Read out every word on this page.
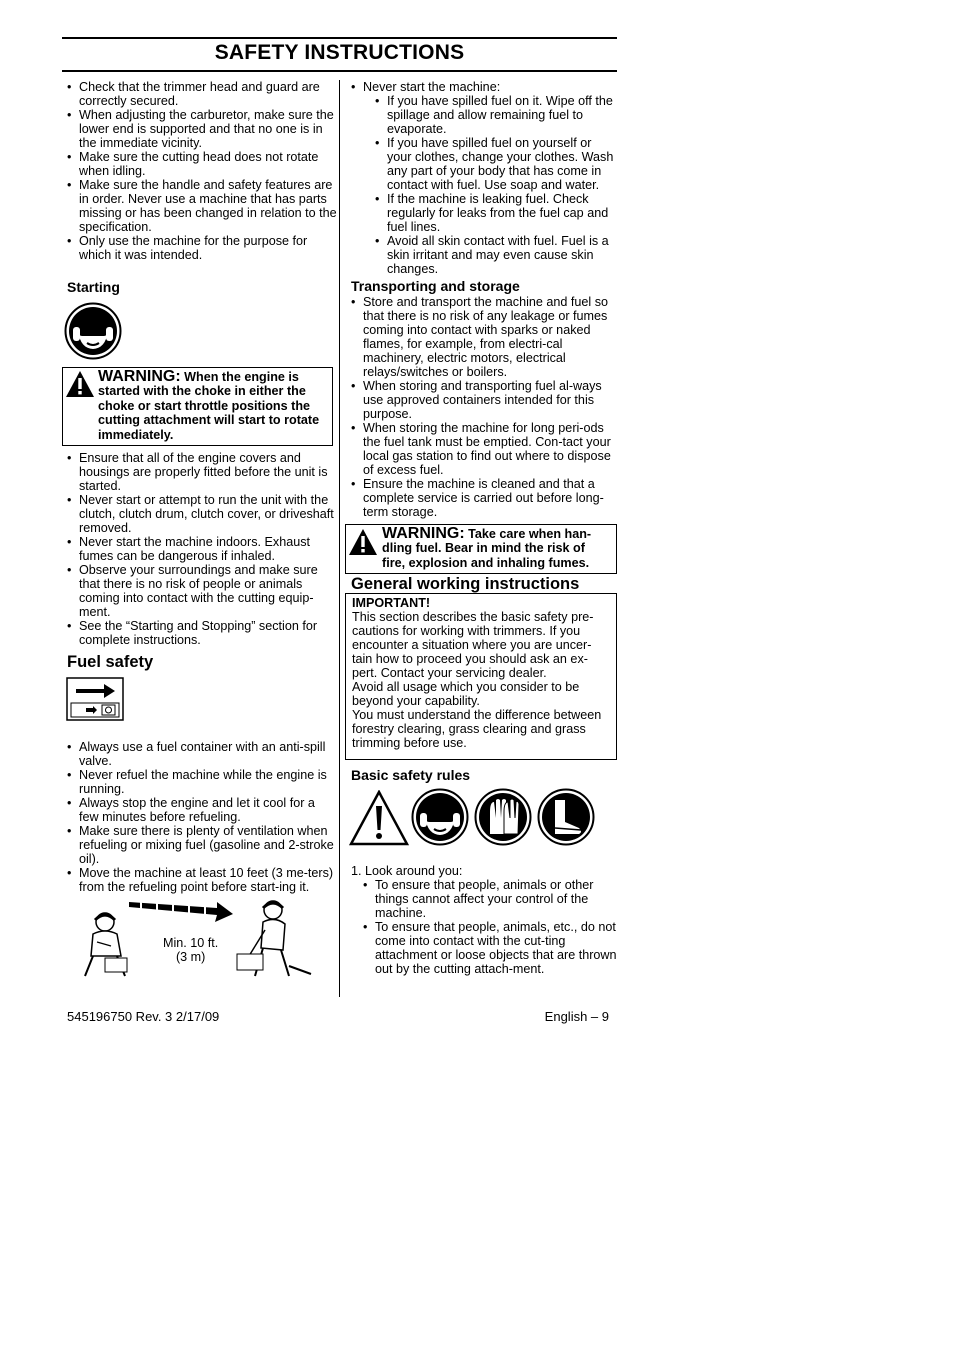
SAFETY INSTRUCTIONS
• Check that the trimmer head and guard are correctly secured.
• When adjusting the carburetor, make sure the lower end is supported and that no one is in the immediate vicinity.
• Make sure the cutting head does not rotate when idling.
• Make sure the handle and safety features are in order. Never use a machine that has parts missing or has been changed in relation to the specification.
• Only use the machine for the purpose for which it was intended.
Starting
WARNING: When the engine is started with the choke in either the choke or start throttle positions the cutting attachment will start to rotate immediately.
• Ensure that all of the engine covers and housings are properly fitted before the unit is started.
• Never start or attempt to run the unit with the clutch, clutch drum, clutch cover, or driveshaft removed.
• Never start the machine indoors. Exhaust fumes can be dangerous if inhaled.
• Observe your surroundings and make sure that there is no risk of people or animals coming into contact with the cutting equip-ment.
• See the “Starting and Stopping” section for complete instructions.
Fuel safety
• Always use a fuel container with an anti-spill valve.
• Never refuel the machine while the engine is running.
• Always stop the engine and let it cool for a few minutes before refueling.
• Make sure there is plenty of ventilation when refueling or mixing fuel (gasoline and 2-stroke oil).
• Move the machine at least 10 feet (3 me-ters) from the refueling point before start-ing it.
Min. 10 ft.
(3 m)
• Never start the machine:
• If you have spilled fuel on it. Wipe off the spillage and allow remaining fuel to evaporate.
• If you have spilled fuel on yourself or your clothes, change your clothes. Wash any part of your body that has come in contact with fuel. Use soap and water.
• If the machine is leaking fuel. Check regularly for leaks from the fuel cap and fuel lines.
• Avoid all skin contact with fuel. Fuel is a skin irritant and may even cause skin changes.
Transporting and storage
• Store and transport the machine and fuel so that there is no risk of any leakage or fumes coming into contact with sparks or naked flames, for example, from electri-cal machinery, electric motors, electrical relays/switches or boilers.
• When storing and transporting fuel al-ways use approved containers intended for this purpose.
• When storing the machine for long peri-ods the fuel tank must be emptied. Con-tact your local gas station to find out where to dispose of excess fuel.
• Ensure the machine is cleaned and that a complete service is carried out before long-term storage.
WARNING: Take care when han-dling fuel. Bear in mind the risk of fire, explosion and inhaling fumes.
General working instructions
IMPORTANT!
This section describes the basic safety pre-cautions for working with trimmers. If you encounter a situation where you are uncer-tain how to proceed you should ask an ex-pert. Contact your servicing dealer.
Avoid all usage which you consider to be beyond your capability.
You must understand the difference between forestry clearing, grass clearing and grass trimming before use.
Basic safety rules
1. Look around you:
• To ensure that people, animals or other things cannot affect your control of the machine.
• To ensure that people, animals, etc., do not come into contact with the cut-ting attachment or loose objects that are thrown out by the cutting attach-ment.
545196750 Rev. 3 2/17/09	English – 9
